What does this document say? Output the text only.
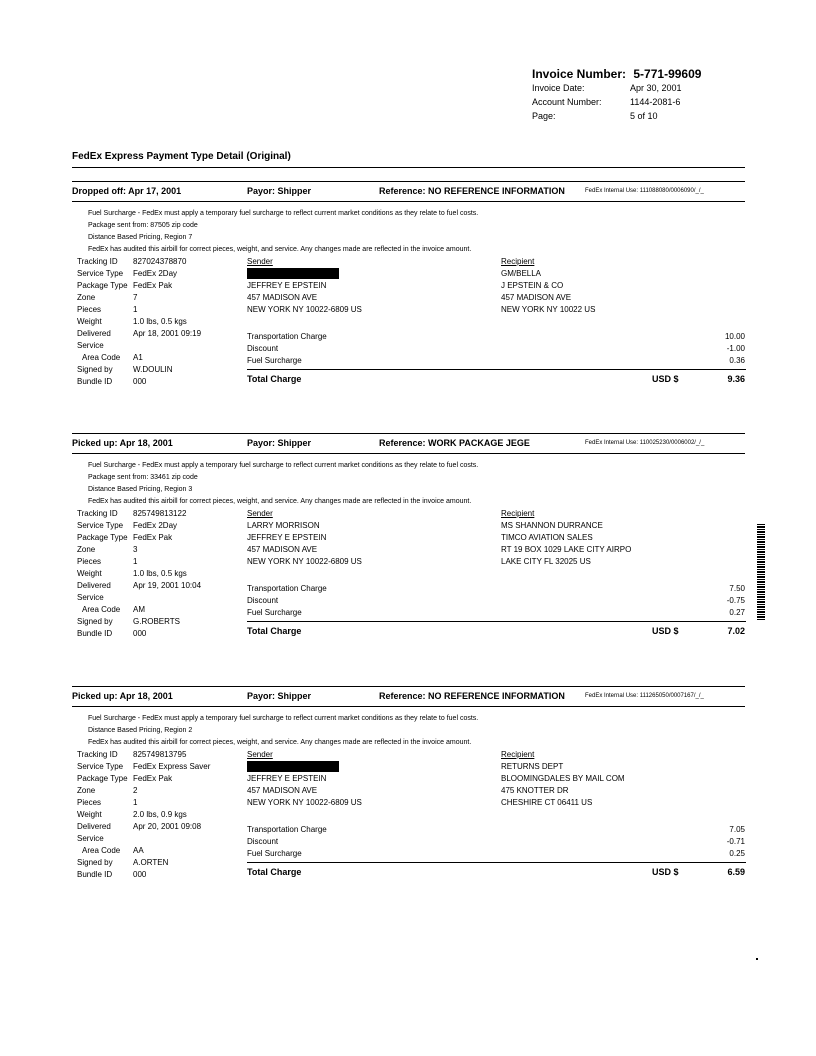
Invoice Number: 5-771-99609
Invoice Date:	Apr 30, 2001
Account Number:	1144-2081-6
Page:	5 of 10
FedEx Express Payment Type Detail (Original)
Dropped off: Apr 17, 2001	Payor: Shipper	Reference: NO REFERENCE INFORMATION	FedEx Internal Use: 111088080/0006090/_/_
Fuel Surcharge - FedEx must apply a temporary fuel surcharge to reflect current market conditions as they relate to fuel costs.
Package sent from: 87505 zip code
Distance Based Pricing, Region 7
FedEx has audited this airbill for correct pieces, weight, and service. Any changes made are reflected in the invoice amount.
Tracking ID 827024378870
Service Type FedEx 2Day
Package Type FedEx Pak
Zone	7
Pieces	1
Weight	1.0 lbs, 0.5 kgs
Delivered	Apr 18, 2001 09:19
Service
Area Code A1
Signed by	W.DOULIN
Bundle ID	000
Sender
JEFFREY E EPSTEIN
457 MADISON AVE
NEW YORK NY 10022-6809 US
Recipient
GM/BELLA
J EPSTEIN & CO
457 MADISON AVE
NEW YORK NY 10022 US
Transportation Charge	10.00
Discount	-1.00
Fuel Surcharge	0.36
Total Charge	USD $	9.36
Picked up: Apr 18, 2001	Payor: Shipper	Reference: WORK PACKAGE JEGE	FedEx Internal Use: 110025230/0006002/_/_
Fuel Surcharge - FedEx must apply a temporary fuel surcharge to reflect current market conditions as they relate to fuel costs.
Package sent from: 33461 zip code
Distance Based Pricing, Region 3
FedEx has audited this airbill for correct pieces, weight, and service. Any changes made are reflected in the invoice amount.
Tracking ID 825749813122
Service Type FedEx 2Day
Package Type FedEx Pak
Zone	3
Pieces	1
Weight	1.0 lbs, 0.5 kgs
Delivered	Apr 19, 2001 10:04
Service
Area Code AM
Signed by	G.ROBERTS
Bundle ID	000
Sender
LARRY MORRISON
JEFFREY E EPSTEIN
457 MADISON AVE
NEW YORK NY 10022-6809 US
Recipient
MS SHANNON DURRANCE
TIMCO AVIATION SALES
RT 19 BOX 1029 LAKE CITY AIRPO
LAKE CITY FL 32025 US
Transportation Charge	7.50
Discount	-0.75
Fuel Surcharge	0.27
Total Charge	USD $	7.02
Picked up: Apr 18, 2001	Payor: Shipper	Reference: NO REFERENCE INFORMATION	FedEx Internal Use: 111265050/0007167/_/_
Fuel Surcharge - FedEx must apply a temporary fuel surcharge to reflect current market conditions as they relate to fuel costs.
Distance Based Pricing, Region 2
FedEx has audited this airbill for correct pieces, weight, and service. Any changes made are reflected in the invoice amount.
Tracking ID 825749813795
Service Type FedEx Express Saver
Package Type FedEx Pak
Zone	2
Pieces	1
Weight	2.0 lbs, 0.9 kgs
Delivered	Apr 20, 2001 09:08
Service
Area Code AA
Signed by	A.ORTEN
Bundle ID	000
Sender
JEFFREY E EPSTEIN
457 MADISON AVE
NEW YORK NY 10022-6809 US
Recipient
RETURNS DEPT
BLOOMINGDALES BY MAIL COM
475 KNOTTER DR
CHESHIRE CT 06411 US
Transportation Charge	7.05
Discount	-0.71
Fuel Surcharge	0.25
Total Charge	USD $	6.59
